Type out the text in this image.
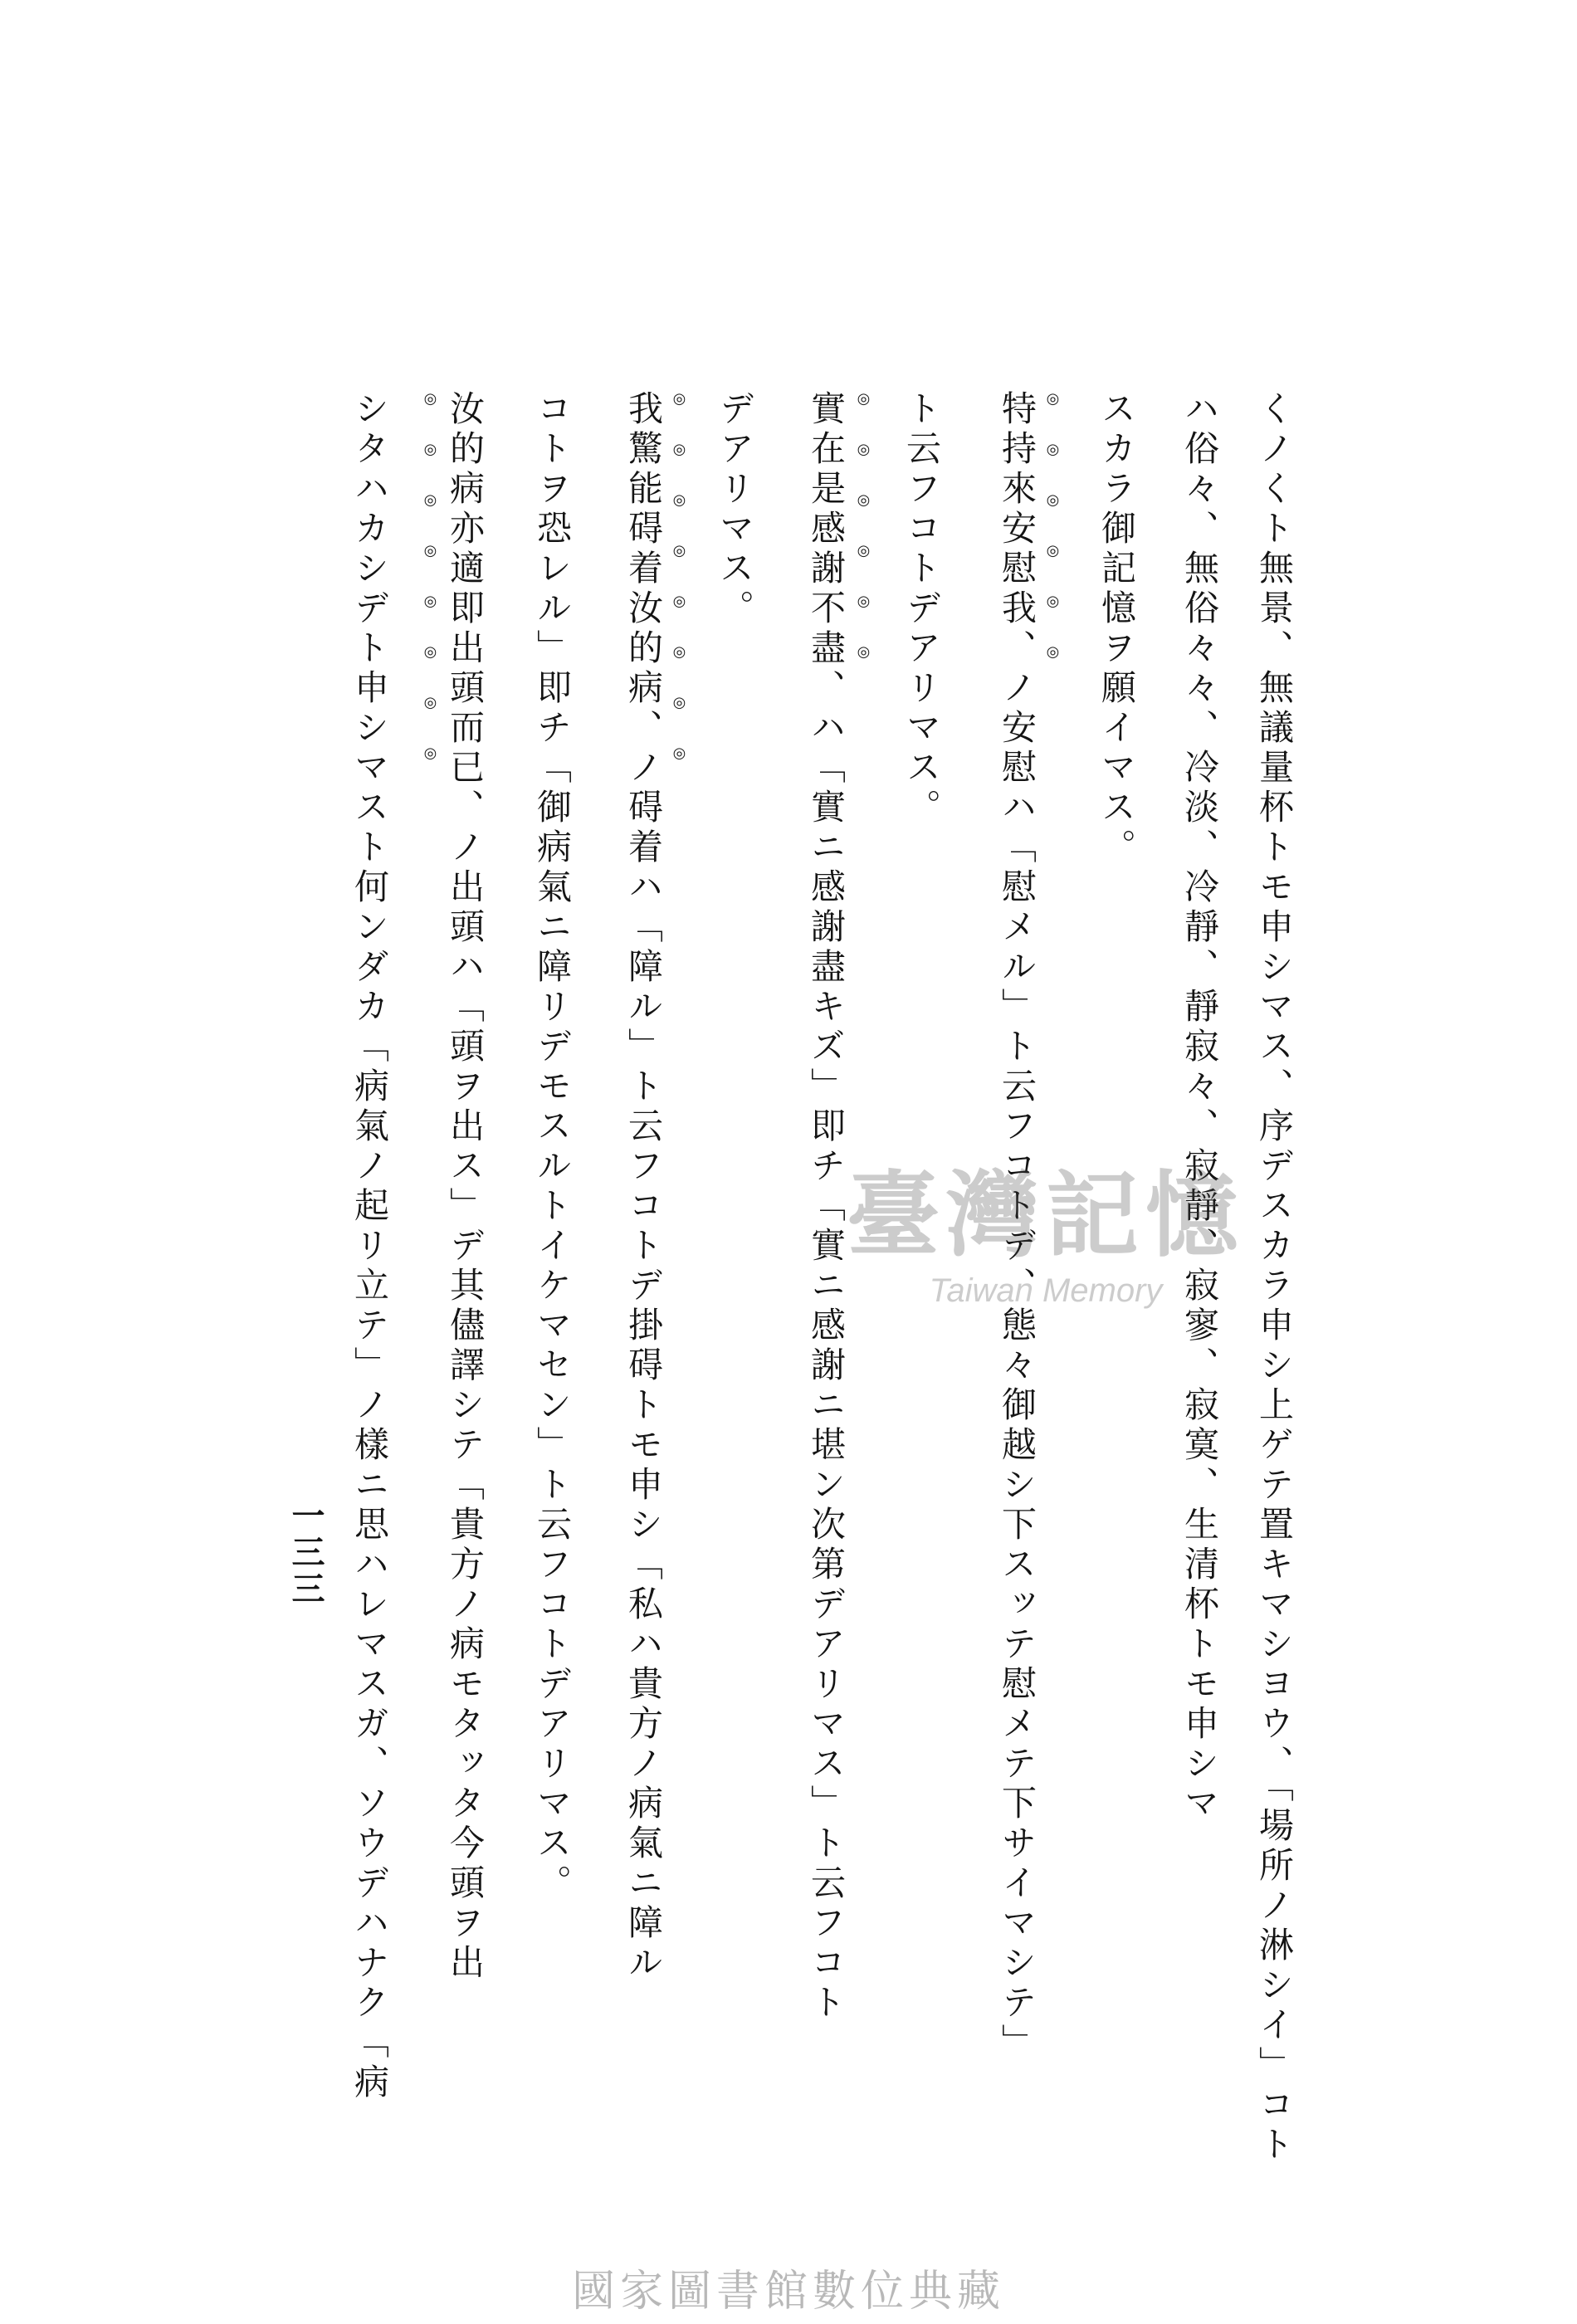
くノくト無景、無議量杯トモ申シマス、序デスカラ申シ上ゲテ置キマシヨウ、「場所ノ淋シイ」コト
ハ俗々、無俗々々、冷淡、冷靜、靜寂々、寂靜、寂寥、寂寞、生清杯トモ申シマ
スカラ御記憶ヲ願イマス。
特持來安慰我、ノ安慰ハ「慰メル」ト云フコトデ、態々御越シ下スッテ慰メテ下サイマシテ」
ト云フコトデアリマス。
實在是感謝不盡、ハ「實ニ感謝盡キズ」即チ「實ニ感謝ニ堪ン次第デアリマス」ト云フコト
デアリマス。
我驚能碍着汝的病、ノ碍着ハ「障ル」ト云フコトデ掛碍トモ申シ「私ハ貴方ノ病氣ニ障ル
コトヲ恐レル」即チ「御病氣ニ障リデモスルトイケマセン」ト云フコトデアリマス。
汝的病亦適即出頭而已、ノ出頭ハ「頭ヲ出ス」デ其儘譯シテ「貴方ノ病モタッタ今頭ヲ出
シタハカシデト申シマスト何ンダカ「病氣ノ起リ立テ」ノ樣ニ思ハレマスガ、ソウデハナク「病	◎◎◎◎◎◎
◎◎◎◎◎◎
◎◎◎◎◎◎◎◎
◎◎◎◎◎◎◎◎
一三三
臺灣記憶
Taiwan Memory
國家圖書館數位典藏
